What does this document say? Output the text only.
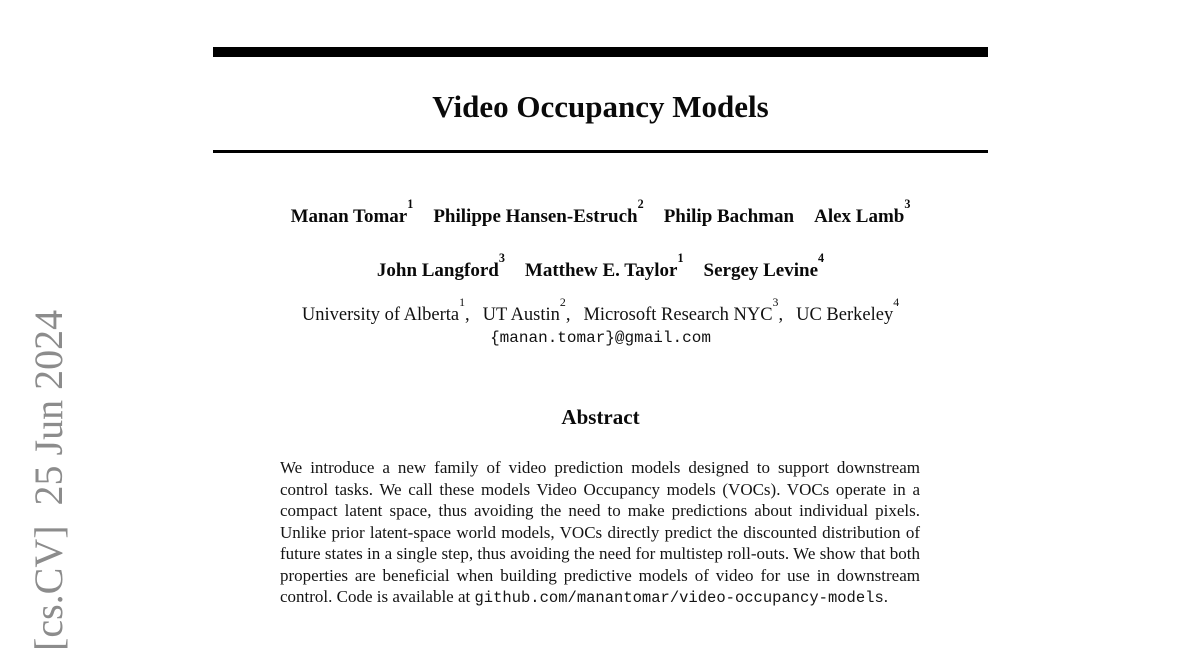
[cs.CV]  25 Jun 2024
Video Occupancy Models
Manan Tomar$^1$Philippe Hansen-Estruch$^2$Philip Bachman Alex Lamb$^3$
John Langford$^3$Matthew E. Taylor$^1$Sergey Levine$^4$
University of Alberta$^1$, UT Austin$^2$, Microsoft Research NYC$^3$, UC Berkeley$^4$
{manan.tomar}@gmail.com
Abstract

We introduce a new family of video prediction models designed to support downstream control tasks. We call these models Video Occupancy models (VOCs). VOCs operate in a compact latent space, thus avoiding the need to make predictions about individual pixels. Unlike prior latent-space world models, VOCs directly predict the discounted distribution of future states in a single step, thus avoiding the need for multistep roll-outs. We show that both properties are beneficial when building predictive models of video for use in downstream control. Code is available at github.com/manantomar/video-occupancy-models.
